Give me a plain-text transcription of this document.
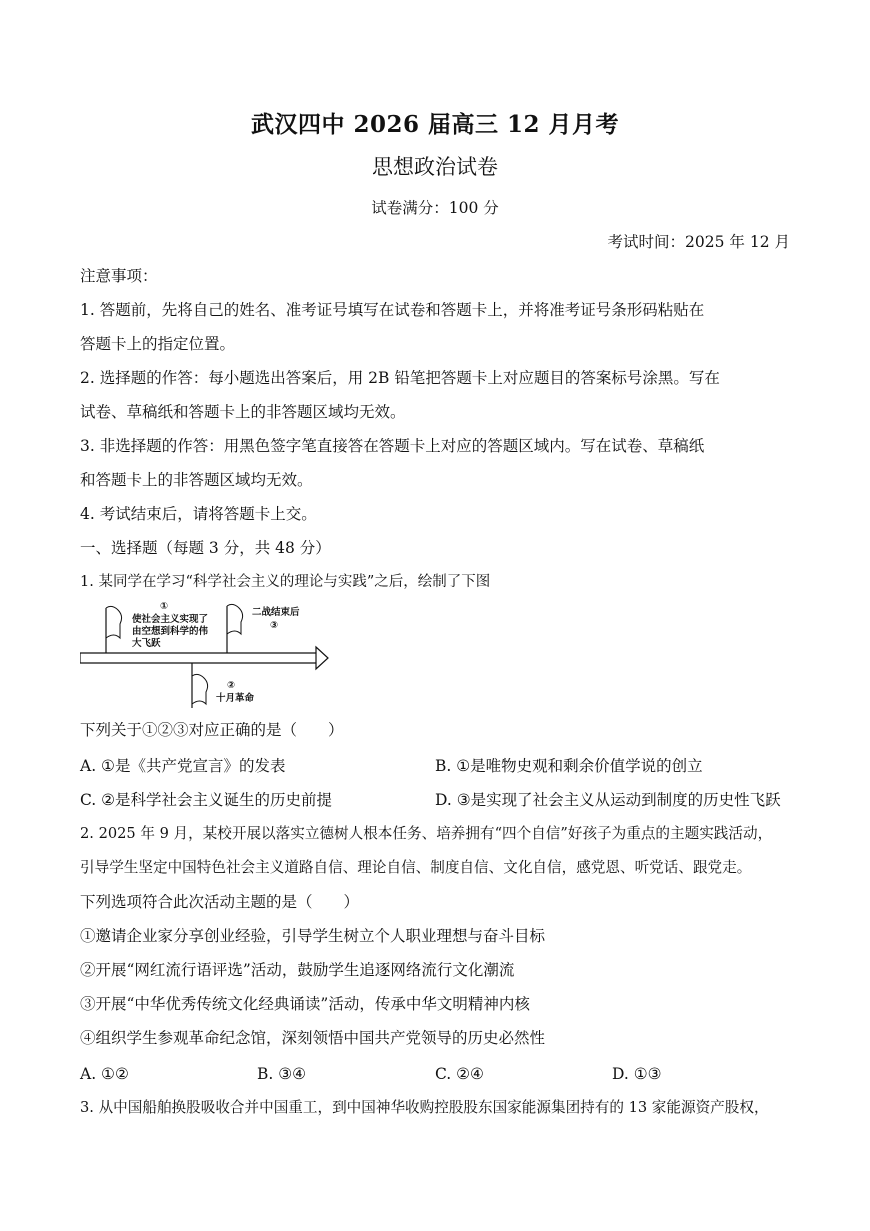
武汉四中 2026 届高三 12 月月考
思想政治试卷
试卷满分：100 分
考试时间：2025 年 12 月
注意事项：
1. 答题前，先将自己的姓名、准考证号填写在试卷和答题卡上，并将准考证号条形码粘贴在
答题卡上的指定位置。
2. 选择题的作答：每小题选出答案后，用 2B 铅笔把答题卡上对应题目的答案标号涂黑。写在
试卷、草稿纸和答题卡上的非答题区域均无效。
3. 非选择题的作答：用黑色签字笔直接答在答题卡上对应的答题区域内。写在试卷、草稿纸
和答题卡上的非答题区域均无效。
4. 考试结束后，请将答题卡上交。
一、选择题（每题 3 分，共 48 分）
1. 某同学在学习“科学社会主义的理论与实践”之后，绘制了下图
①
使社会主义实现了
由空想到科学的伟
大飞跃
二战结束后
③
②
十月革命
下列关于①②③对应正确的是（　　）
A. ①是《共产党宣言》的发表	B. ①是唯物史观和剩余价值学说的创立
C. ②是科学社会主义诞生的历史前提	D. ③是实现了社会主义从运动到制度的历史性飞跃
2. 2025 年 9 月，某校开展以落实立德树人根本任务、培养拥有“四个自信”好孩子为重点的主题实践活动，
引导学生坚定中国特色社会主义道路自信、理论自信、制度自信、文化自信，感党恩、听党话、跟党走。
下列选项符合此次活动主题的是（　　）
①邀请企业家分享创业经验，引导学生树立个人职业理想与奋斗目标
②开展“网红流行语评选”活动，鼓励学生追逐网络流行文化潮流
③开展“中华优秀传统文化经典诵读”活动，传承中华文明精神内核
④组织学生参观革命纪念馆，深刻领悟中国共产党领导的历史必然性
A. ①②	B. ③④	C. ②④	D. ①③
3. 从中国船舶换股吸收合并中国重工，到中国神华收购控股股东国家能源集团持有的 13 家能源资产股权，
